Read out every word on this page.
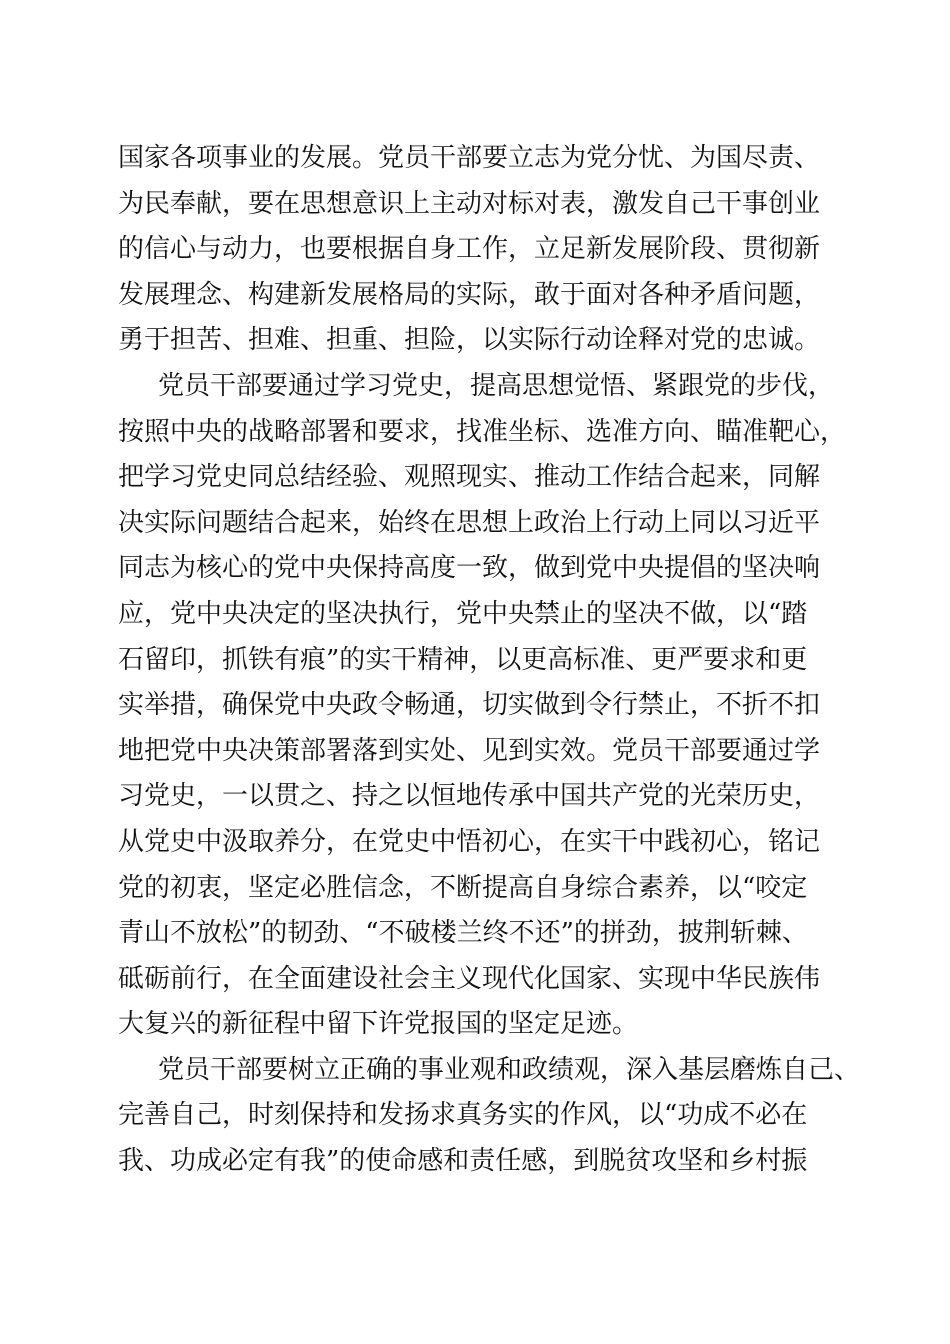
国家各项事业的发展。党员干部要立志为党分忧、为国尽责、
为民奉献，要在思想意识上主动对标对表，激发自己干事创业
的信心与动力，也要根据自身工作，立足新发展阶段、贯彻新
发展理念、构建新发展格局的实际，敢于面对各种矛盾问题，
勇于担苦、担难、担重、担险，以实际行动诠释对党的忠诚。
党员干部要通过学习党史，提高思想觉悟、紧跟党的步伐，
按照中央的战略部署和要求，找准坐标、选准方向、瞄准靶心，
把学习党史同总结经验、观照现实、推动工作结合起来，同解
决实际问题结合起来，始终在思想上政治上行动上同以习近平
同志为核心的党中央保持高度一致，做到党中央提倡的坚决响
应，党中央决定的坚决执行，党中央禁止的坚决不做，以“踏
石留印，抓铁有痕”的实干精神，以更高标准、更严要求和更
实举措，确保党中央政令畅通，切实做到令行禁止，不折不扣
地把党中央决策部署落到实处、见到实效。党员干部要通过学
习党史，一以贯之、持之以恒地传承中国共产党的光荣历史，
从党史中汲取养分，在党史中悟初心，在实干中践初心，铭记
党的初衷，坚定必胜信念，不断提高自身综合素养，以“咬定
青山不放松”的韧劲、“不破楼兰终不还”的拼劲，披荆斩棘、
砥砺前行，在全面建设社会主义现代化国家、实现中华民族伟
大复兴的新征程中留下许党报国的坚定足迹。
党员干部要树立正确的事业观和政绩观，深入基层磨炼自己、
完善自己，时刻保持和发扬求真务实的作风，以“功成不必在
我、功成必定有我”的使命感和责任感，到脱贫攻坚和乡村振
